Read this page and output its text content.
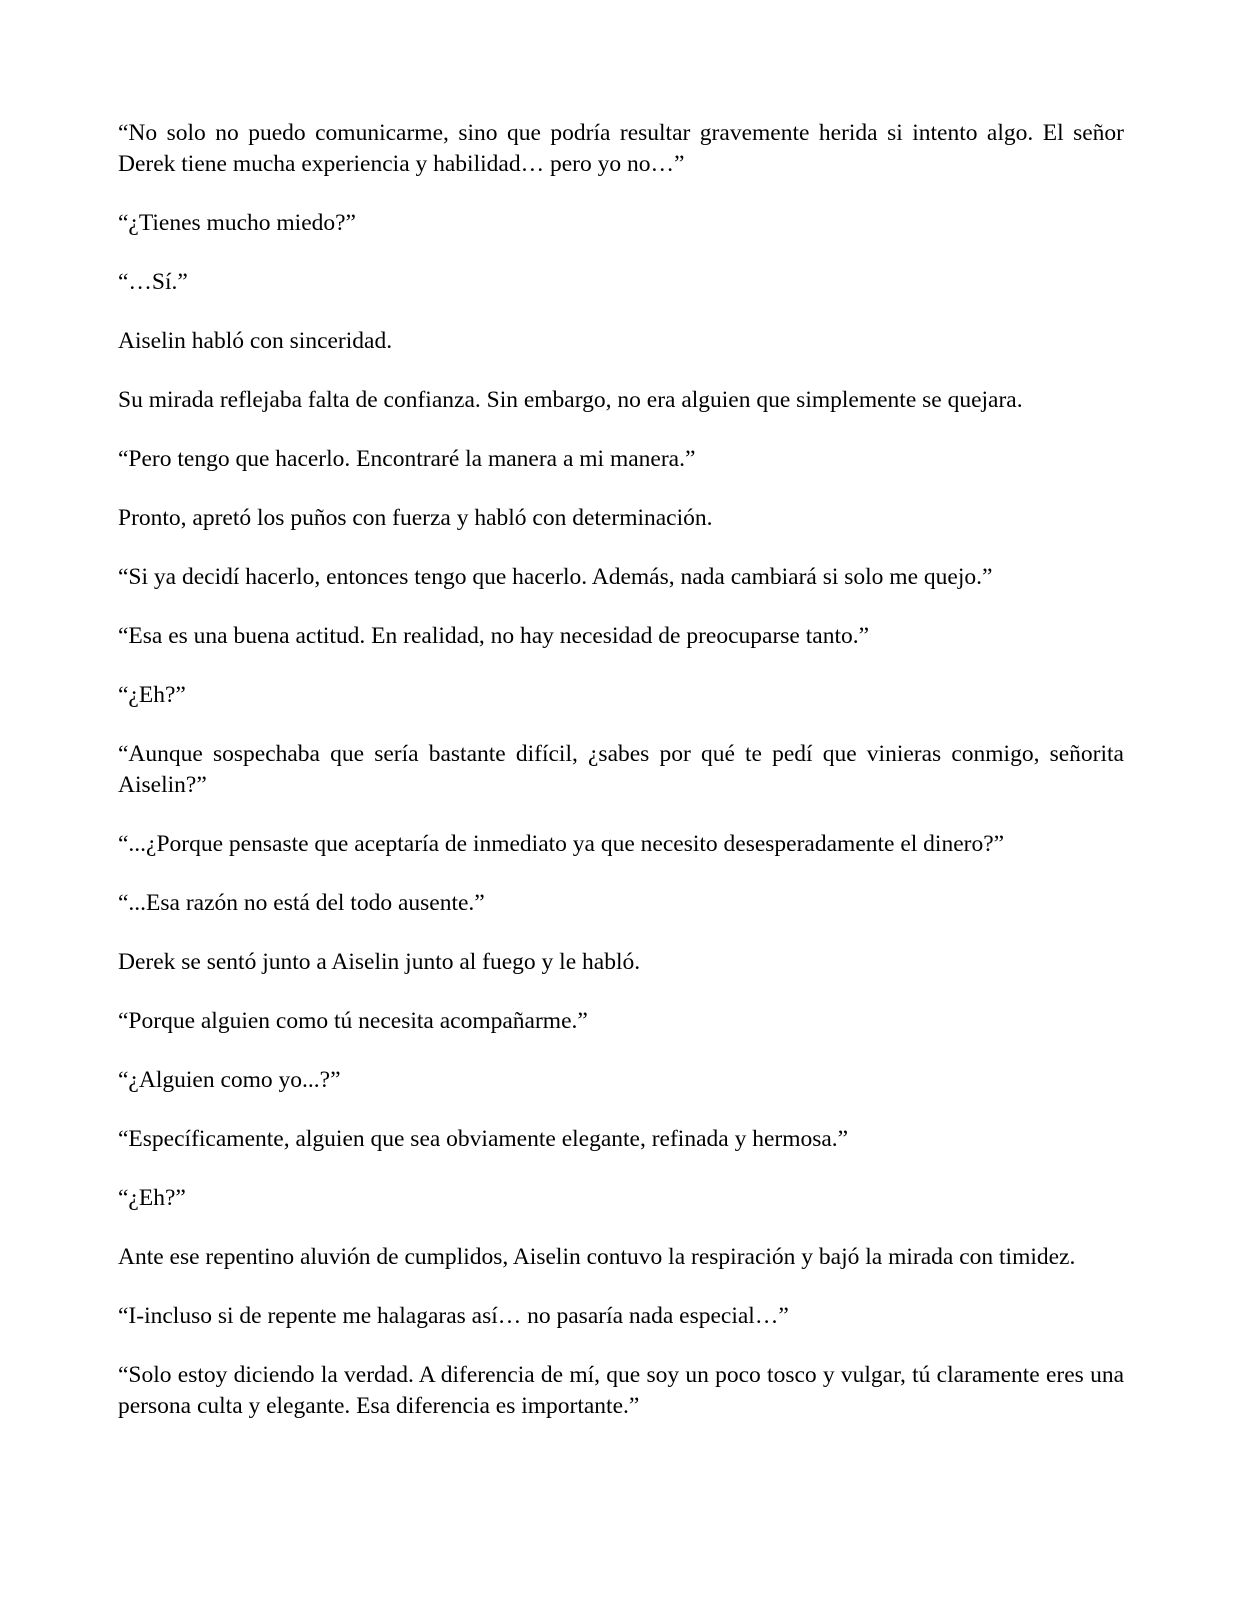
“No solo no puedo comunicarme, sino que podría resultar gravemente herida si intento algo. El señor Derek tiene mucha experiencia y habilidad… pero yo no…”

“¿Tienes mucho miedo?”

“…Sí.”

Aiselin habló con sinceridad.

Su mirada reflejaba falta de confianza. Sin embargo, no era alguien que simplemente se quejara.

“Pero tengo que hacerlo. Encontraré la manera a mi manera.”

Pronto, apretó los puños con fuerza y habló con determinación.

“Si ya decidí hacerlo, entonces tengo que hacerlo. Además, nada cambiará si solo me quejo.”

“Esa es una buena actitud. En realidad, no hay necesidad de preocuparse tanto.”

“¿Eh?”

“Aunque sospechaba que sería bastante difícil, ¿sabes por qué te pedí que vinieras conmigo, señorita Aiselin?”

“...¿Porque pensaste que aceptaría de inmediato ya que necesito desesperadamente el dinero?”

“...Esa razón no está del todo ausente.”

Derek se sentó junto a Aiselin junto al fuego y le habló.

“Porque alguien como tú necesita acompañarme.”

“¿Alguien como yo...?”

“Específicamente, alguien que sea obviamente elegante, refinada y hermosa.”

“¿Eh?”

Ante ese repentino aluvión de cumplidos, Aiselin contuvo la respiración y bajó la mirada con timidez.

“I-incluso si de repente me halagaras así… no pasaría nada especial…”

“Solo estoy diciendo la verdad. A diferencia de mí, que soy un poco tosco y vulgar, tú claramente eres una persona culta y elegante. Esa diferencia es importante.”
